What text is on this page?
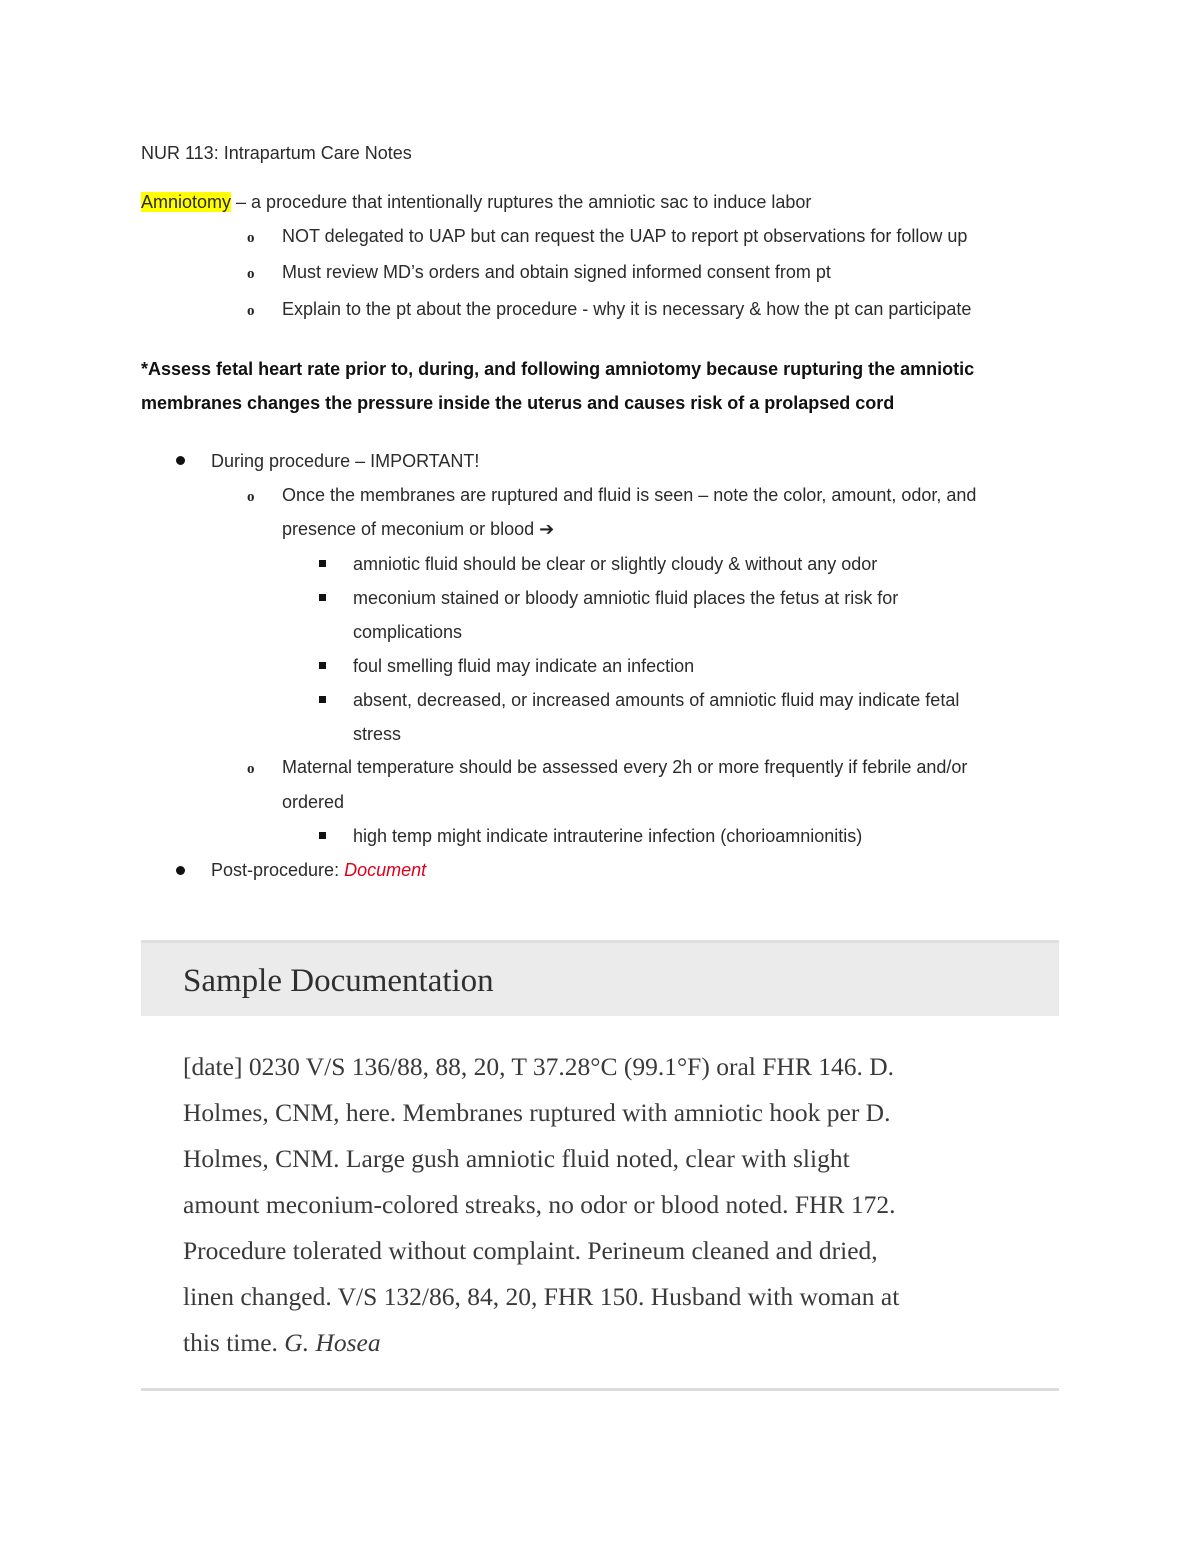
NUR 113: Intrapartum Care Notes
Amniotomy – a procedure that intentionally ruptures the amniotic sac to induce labor
o NOT delegated to UAP but can request the UAP to report pt observations for follow up
o Must review MD’s orders and obtain signed informed consent from pt
o Explain to the pt about the procedure - why it is necessary & how the pt can participate
*Assess fetal heart rate prior to, during, and following amniotomy because rupturing the amniotic
membranes changes the pressure inside the uterus and causes risk of a prolapsed cord
During procedure – IMPORTANT!
o Once the membranes are ruptured and fluid is seen – note the color, amount, odor, and
presence of meconium or blood ➔
amniotic fluid should be clear or slightly cloudy & without any odor
meconium stained or bloody amniotic fluid places the fetus at risk for
complications
foul smelling fluid may indicate an infection
absent, decreased, or increased amounts of amniotic fluid may indicate fetal
stress
o Maternal temperature should be assessed every 2h or more frequently if febrile and/or
ordered
high temp might indicate intrauterine infection (chorioamnionitis)
Post-procedure: Document
Sample Documentation
[date] 0230 V/S 136/88, 88, 20, T 37.28°C (99.1°F) oral FHR 146. D.
Holmes, CNM, here. Membranes ruptured with amniotic hook per D.
Holmes, CNM. Large gush amniotic fluid noted, clear with slight
amount meconium-colored streaks, no odor or blood noted. FHR 172.
Procedure tolerated without complaint. Perineum cleaned and dried,
linen changed. V/S 132/86, 84, 20, FHR 150. Husband with woman at
this time. G. Hosea
